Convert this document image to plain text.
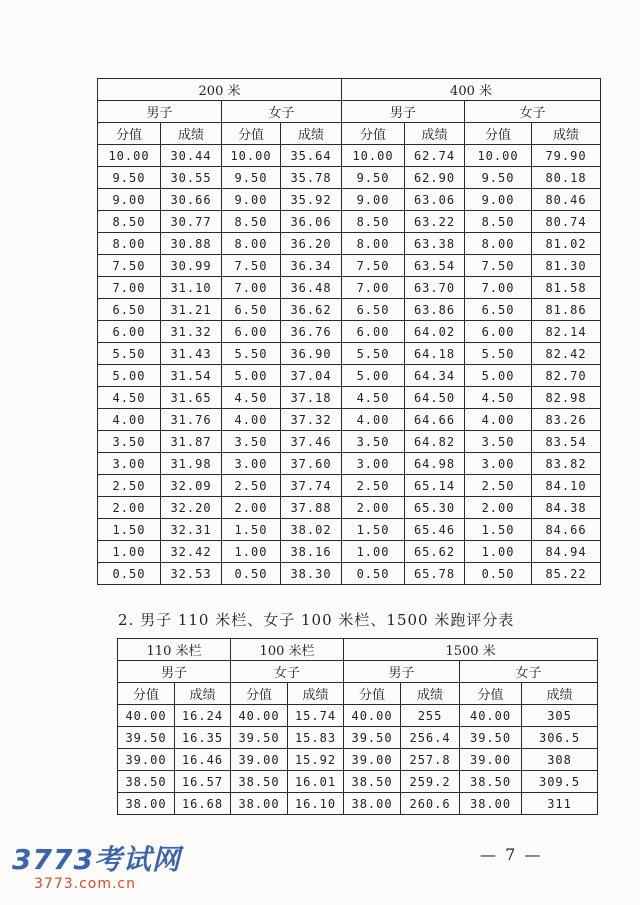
200 米				400 米			
男子		女子		男子		女子	
分值	成绩	分值	成绩	分值	成绩	分值	成绩
10.00	30.44	10.00	35.64	10.00	62.74	10.00	79.90
9.50	30.55	9.50	35.78	9.50	62.90	9.50	80.18
9.00	30.66	9.00	35.92	9.00	63.06	9.00	80.46
8.50	30.77	8.50	36.06	8.50	63.22	8.50	80.74
8.00	30.88	8.00	36.20	8.00	63.38	8.00	81.02
7.50	30.99	7.50	36.34	7.50	63.54	7.50	81.30
7.00	31.10	7.00	36.48	7.00	63.70	7.00	81.58
6.50	31.21	6.50	36.62	6.50	63.86	6.50	81.86
6.00	31.32	6.00	36.76	6.00	64.02	6.00	82.14
5.50	31.43	5.50	36.90	5.50	64.18	5.50	82.42
5.00	31.54	5.00	37.04	5.00	64.34	5.00	82.70
4.50	31.65	4.50	37.18	4.50	64.50	4.50	82.98
4.00	31.76	4.00	37.32	4.00	64.66	4.00	83.26
3.50	31.87	3.50	37.46	3.50	64.82	3.50	83.54
3.00	31.98	3.00	37.60	3.00	64.98	3.00	83.82
2.50	32.09	2.50	37.74	2.50	65.14	2.50	84.10
2.00	32.20	2.00	37.88	2.00	65.30	2.00	84.38
1.50	32.31	1.50	38.02	1.50	65.46	1.50	84.66
1.00	32.42	1.00	38.16	1.00	65.62	1.00	84.94
0.50	32.53	0.50	38.30	0.50	65.78	0.50	85.22
2. 男子 110 米栏、女子 100 米栏、1500 米跑评分表
110 米栏		100 米栏		1500 米			
男子		女子		男子		女子	
分值	成绩	分值	成绩	分值	成绩	分值	成绩
40.00	16.24	40.00	15.74	40.00	255	40.00	305
39.50	16.35	39.50	15.83	39.50	256.4	39.50	306.5
39.00	16.46	39.00	15.92	39.00	257.8	39.00	308
38.50	16.57	38.50	16.01	38.50	259.2	38.50	309.5
38.00	16.68	38.00	16.10	38.00	260.6	38.00	311
— 7 —
3773考试网
3773.com.cn
